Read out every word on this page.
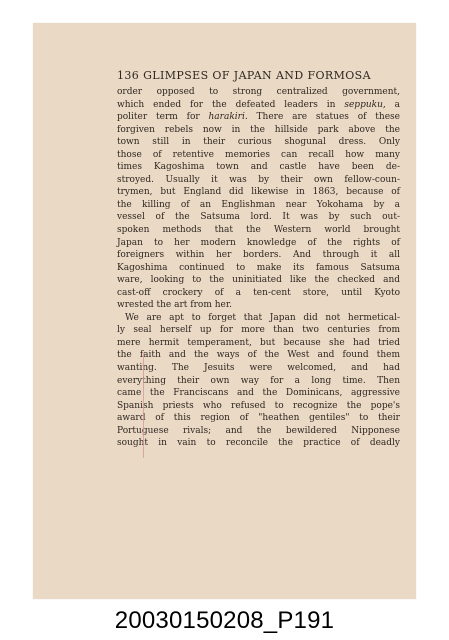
136 GLIMPSES OF JAPAN AND FORMOSA
order opposed to strong centralized government,
which ended for the defeated leaders in seppuku, a
politer term for harakiri. There are statues of these
forgiven rebels now in the hillside park above the
town still in their curious shogunal dress. Only
those of retentive memories can recall how many
times Kagoshima town and castle have been de-
stroyed. Usually it was by their own fellow-coun-
trymen, but England did likewise in 1863, because of
the killing of an Englishman near Yokohama by a
vessel of the Satsuma lord. It was by such out-
spoken methods that the Western world brought
Japan to her modern knowledge of the rights of
foreigners within her borders. And through it all
Kagoshima continued to make its famous Satsuma
ware, looking to the uninitiated like the checked and
cast-off crockery of a ten-cent store, until Kyoto
wrested the art from her.
We are apt to forget that Japan did not hermetical-
ly seal herself up for more than two centuries from
mere hermit temperament, but because she had tried
the faith and the ways of the West and found them
wanting. The Jesuits were welcomed, and had
everything their own way for a long time. Then
came the Franciscans and the Dominicans, aggressive
Spanish priests who refused to recognize the pope's
award of this region of "heathen gentiles" to their
Portuguese rivals; and the bewildered Nipponese
sought in vain to reconcile the practice of deadly
20030150208_P191
